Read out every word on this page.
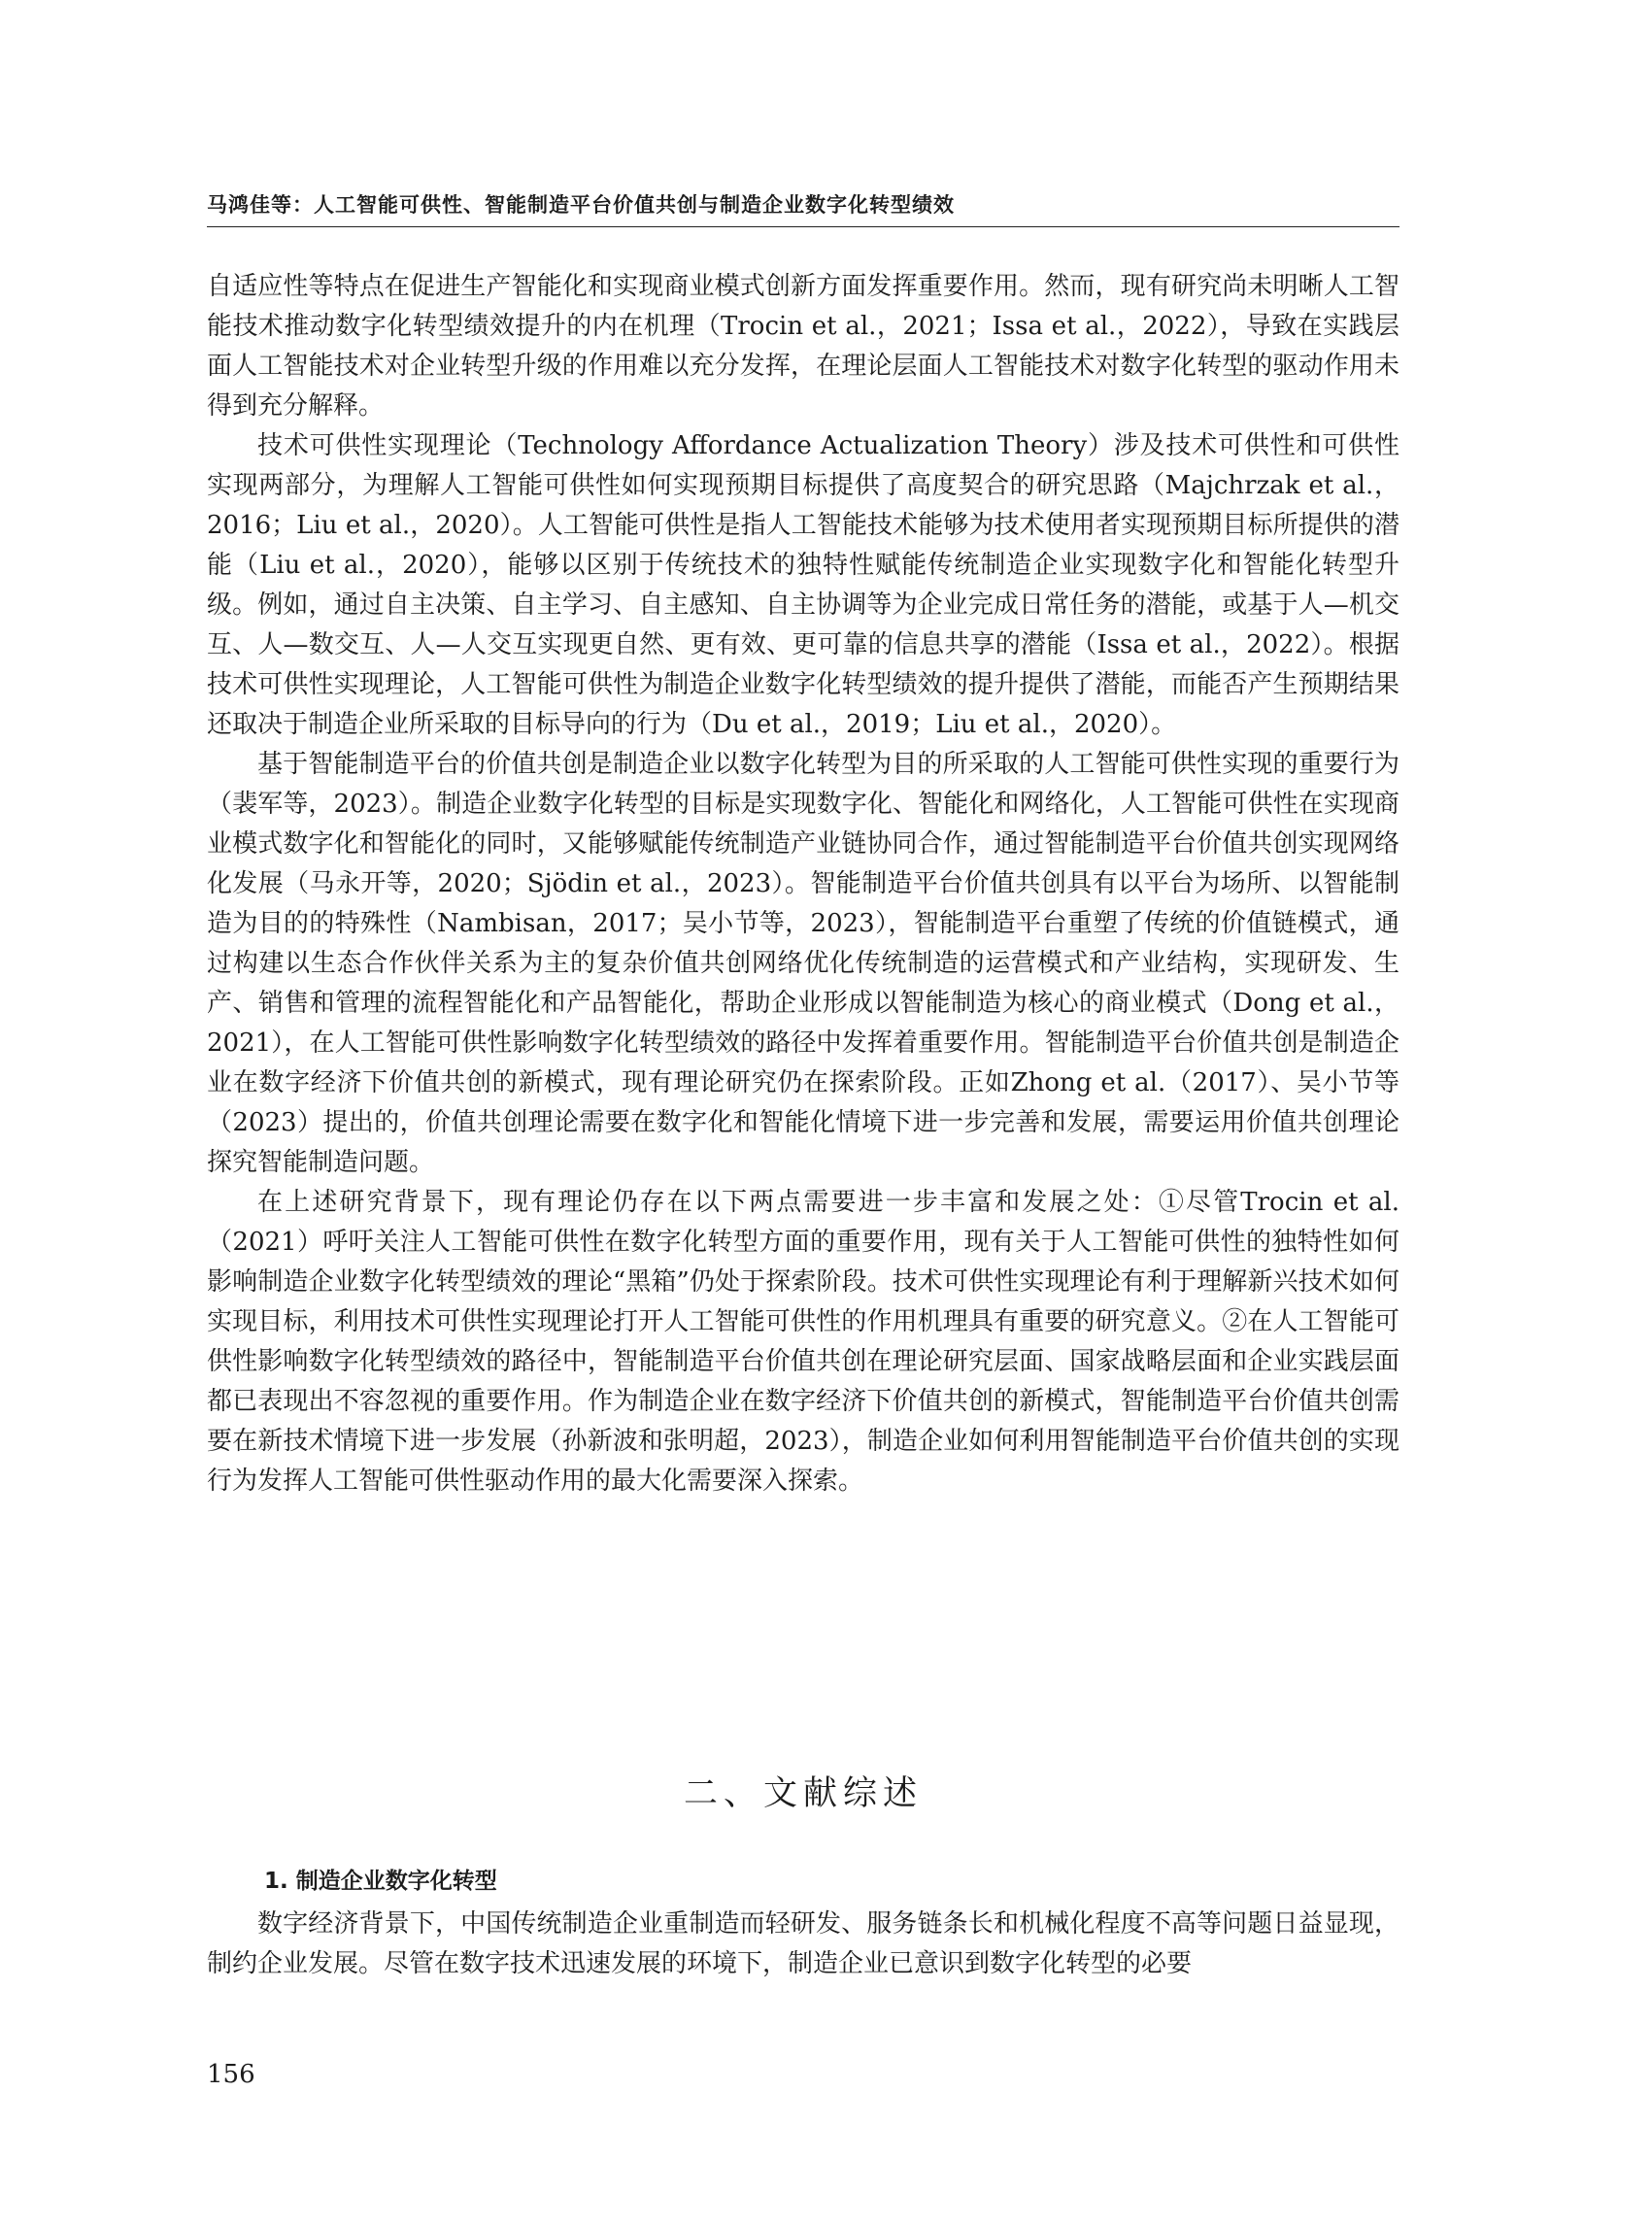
马鸿佳等：人工智能可供性、智能制造平台价值共创与制造企业数字化转型绩效

自适应性等特点在促进生产智能化和实现商业模式创新方面发挥重要作用。然而，现有研究尚未明晰人工智能技术推动数字化转型绩效提升的内在机理（Trocin et al.，2021；Issa et al.，2022），导致在实践层面人工智能技术对企业转型升级的作用难以充分发挥，在理论层面人工智能技术对数字化转型的驱动作用未得到充分解释。

技术可供性实现理论（Technology Affordance Actualization Theory）涉及技术可供性和可供性实现两部分，为理解人工智能可供性如何实现预期目标提供了高度契合的研究思路（Majchrzak et al.，2016；Liu et al.，2020）。人工智能可供性是指人工智能技术能够为技术使用者实现预期目标所提供的潜能（Liu et al.，2020），能够以区别于传统技术的独特性赋能传统制造企业实现数字化和智能化转型升级。例如，通过自主决策、自主学习、自主感知、自主协调等为企业完成日常任务的潜能，或基于人—机交互、人—数交互、人—人交互实现更自然、更有效、更可靠的信息共享的潜能（Issa et al.，2022）。根据技术可供性实现理论，人工智能可供性为制造企业数字化转型绩效的提升提供了潜能，而能否产生预期结果还取决于制造企业所采取的目标导向的行为（Du et al.，2019；Liu et al.，2020）。

基于智能制造平台的价值共创是制造企业以数字化转型为目的所采取的人工智能可供性实现的重要行为（裴军等，2023）。制造企业数字化转型的目标是实现数字化、智能化和网络化，人工智能可供性在实现商业模式数字化和智能化的同时，又能够赋能传统制造产业链协同合作，通过智能制造平台价值共创实现网络化发展（马永开等，2020；Sjödin et al.，2023）。智能制造平台价值共创具有以平台为场所、以智能制造为目的的特殊性（Nambisan，2017；吴小节等，2023），智能制造平台重塑了传统的价值链模式，通过构建以生态合作伙伴关系为主的复杂价值共创网络优化传统制造的运营模式和产业结构，实现研发、生产、销售和管理的流程智能化和产品智能化，帮助企业形成以智能制造为核心的商业模式（Dong et al.，2021），在人工智能可供性影响数字化转型绩效的路径中发挥着重要作用。智能制造平台价值共创是制造企业在数字经济下价值共创的新模式，现有理论研究仍在探索阶段。正如Zhong et al.（2017）、吴小节等（2023）提出的，价值共创理论需要在数字化和智能化情境下进一步完善和发展，需要运用价值共创理论探究智能制造问题。

在上述研究背景下，现有理论仍存在以下两点需要进一步丰富和发展之处：①尽管Trocin et al.（2021）呼吁关注人工智能可供性在数字化转型方面的重要作用，现有关于人工智能可供性的独特性如何影响制造企业数字化转型绩效的理论“黑箱”仍处于探索阶段。技术可供性实现理论有利于理解新兴技术如何实现目标，利用技术可供性实现理论打开人工智能可供性的作用机理具有重要的研究意义。②在人工智能可供性影响数字化转型绩效的路径中，智能制造平台价值共创在理论研究层面、国家战略层面和企业实践层面都已表现出不容忽视的重要作用。作为制造企业在数字经济下价值共创的新模式，智能制造平台价值共创需要在新技术情境下进一步发展（孙新波和张明超，2023），制造企业如何利用智能制造平台价值共创的实现行为发挥人工智能可供性驱动作用的最大化需要深入探索。

二、文献综述
1. 制造企业数字化转型

数字经济背景下，中国传统制造企业重制造而轻研发、服务链条长和机械化程度不高等问题日益显现，制约企业发展。尽管在数字技术迅速发展的环境下，制造企业已意识到数字化转型的必要

156
